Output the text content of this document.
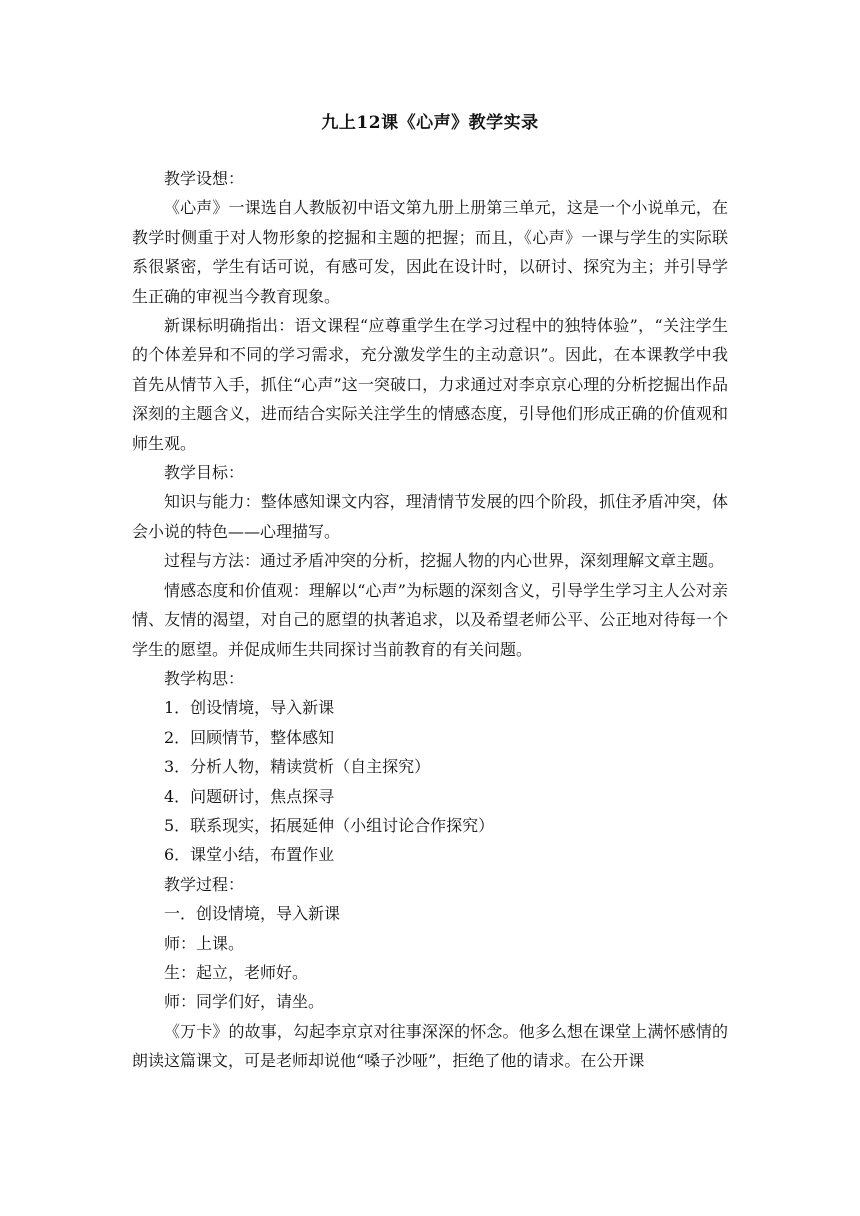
九上12课《心声》教学实录

教学设想：

《心声》一课选自人教版初中语文第九册上册第三单元，这是一个小说单元，在教学时侧重于对人物形象的挖掘和主题的把握；而且，《心声》一课与学生的实际联系很紧密，学生有话可说，有感可发，因此在设计时，以研讨、探究为主；并引导学生正确的审视当今教育现象。

新课标明确指出：语文课程“应尊重学生在学习过程中的独特体验”，“关注学生的个体差异和不同的学习需求，充分激发学生的主动意识”。因此，在本课教学中我首先从情节入手，抓住“心声”这一突破口，力求通过对李京京心理的分析挖掘出作品深刻的主题含义，进而结合实际关注学生的情感态度，引导他们形成正确的价值观和师生观。

教学目标：

知识与能力：整体感知课文内容，理清情节发展的四个阶段，抓住矛盾冲突，体会小说的特色——心理描写。

过程与方法：通过矛盾冲突的分析，挖掘人物的内心世界，深刻理解文章主题。

情感态度和价值观：理解以“心声”为标题的深刻含义，引导学生学习主人公对亲情、友情的渴望，对自己的愿望的执著追求，以及希望老师公平、公正地对待每一个学生的愿望。并促成师生共同探讨当前教育的有关问题。

教学构思：

1．创设情境，导入新课

2．回顾情节，整体感知

3．分析人物，精读赏析（自主探究）

4．问题研讨，焦点探寻

5．联系现实，拓展延伸（小组讨论合作探究）

6．课堂小结，布置作业

教学过程：

一．创设情境，导入新课

师：上课。

生：起立，老师好。

师：同学们好，请坐。

《万卡》的故事，勾起李京京对往事深深的怀念。他多么想在课堂上满怀感情的朗读这篇课文，可是老师却说他“嗓子沙哑”，拒绝了他的请求。在公开课
